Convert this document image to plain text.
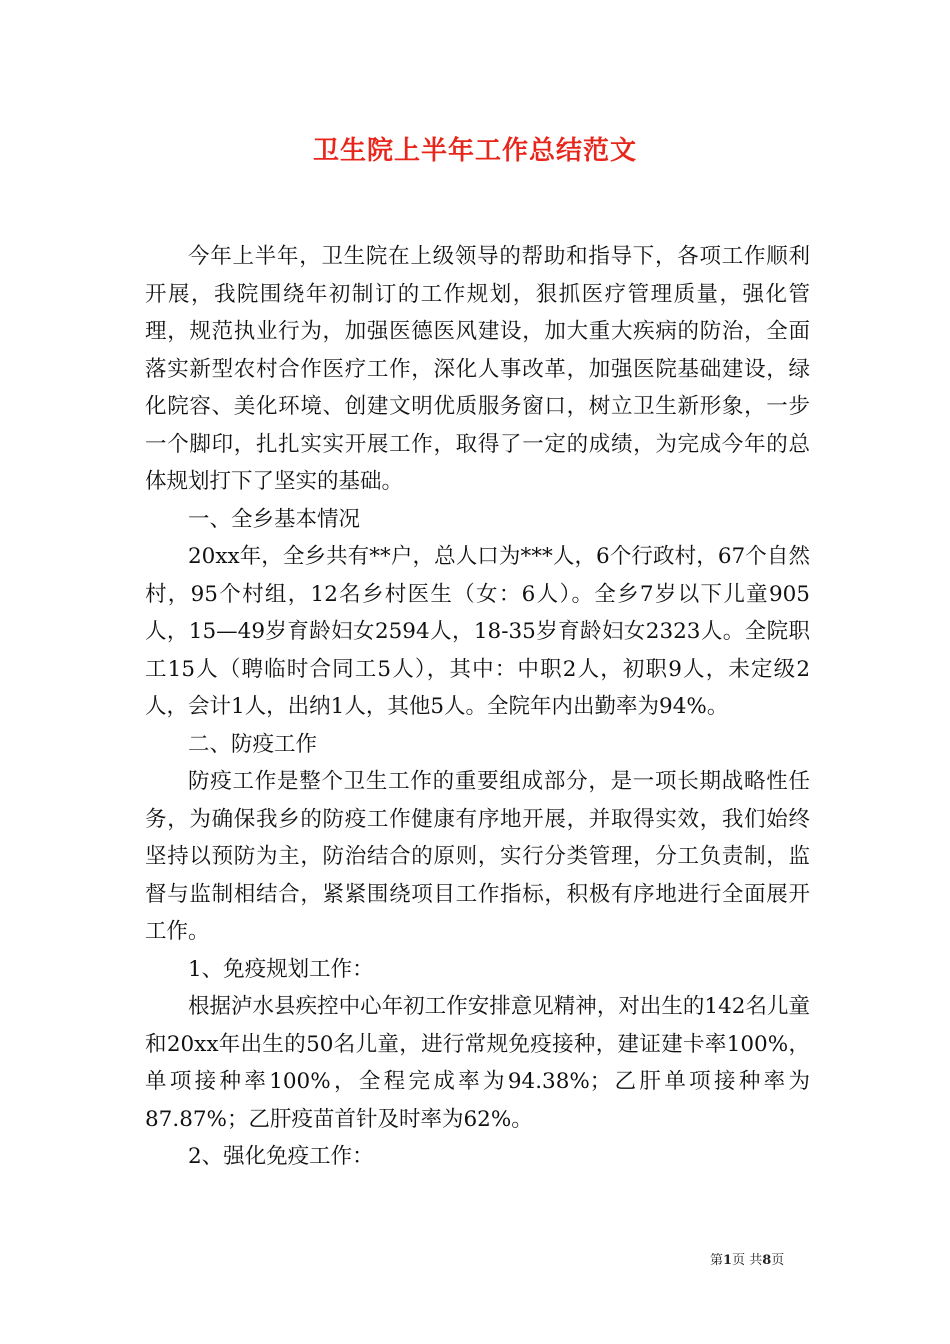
卫生院上半年工作总结范文

今年上半年，卫生院在上级领导的帮助和指导下，各项工作顺利开展，我院围绕年初制订的工作规划，狠抓医疗管理质量，强化管理，规范执业行为，加强医德医风建设，加大重大疾病的防治，全面落实新型农村合作医疗工作，深化人事改革，加强医院基础建设，绿化院容、美化环境、创建文明优质服务窗口，树立卫生新形象，一步一个脚印，扎扎实实开展工作，取得了一定的成绩，为完成今年的总体规划打下了坚实的基础。

一、全乡基本情况

20xx年，全乡共有**户，总人口为***人，6个行政村，67个自然村，95个村组，12名乡村医生（女：6人）。全乡7岁以下儿童905人，15—49岁育龄妇女2594人，18-35岁育龄妇女2323人。全院职工15人（聘临时合同工5人），其中：中职2人，初职9人，未定级2人，会计1人，出纳1人，其他5人。全院年内出勤率为94%。

二、防疫工作

防疫工作是整个卫生工作的重要组成部分，是一项长期战略性任务，为确保我乡的防疫工作健康有序地开展，并取得实效，我们始终坚持以预防为主，防治结合的原则，实行分类管理，分工负责制，监督与监制相结合，紧紧围绕项目工作指标，积极有序地进行全面展开工作。

1、免疫规划工作：

根据泸水县疾控中心年初工作安排意见精神，对出生的142名儿童和20xx年出生的50名儿童，进行常规免疫接种，建证建卡率100%，单项接种率100%，全程完成率为94.38%；乙肝单项接种率为87.87%；乙肝疫苗首针及时率为62%。

2、强化免疫工作：

第1页 共8页
